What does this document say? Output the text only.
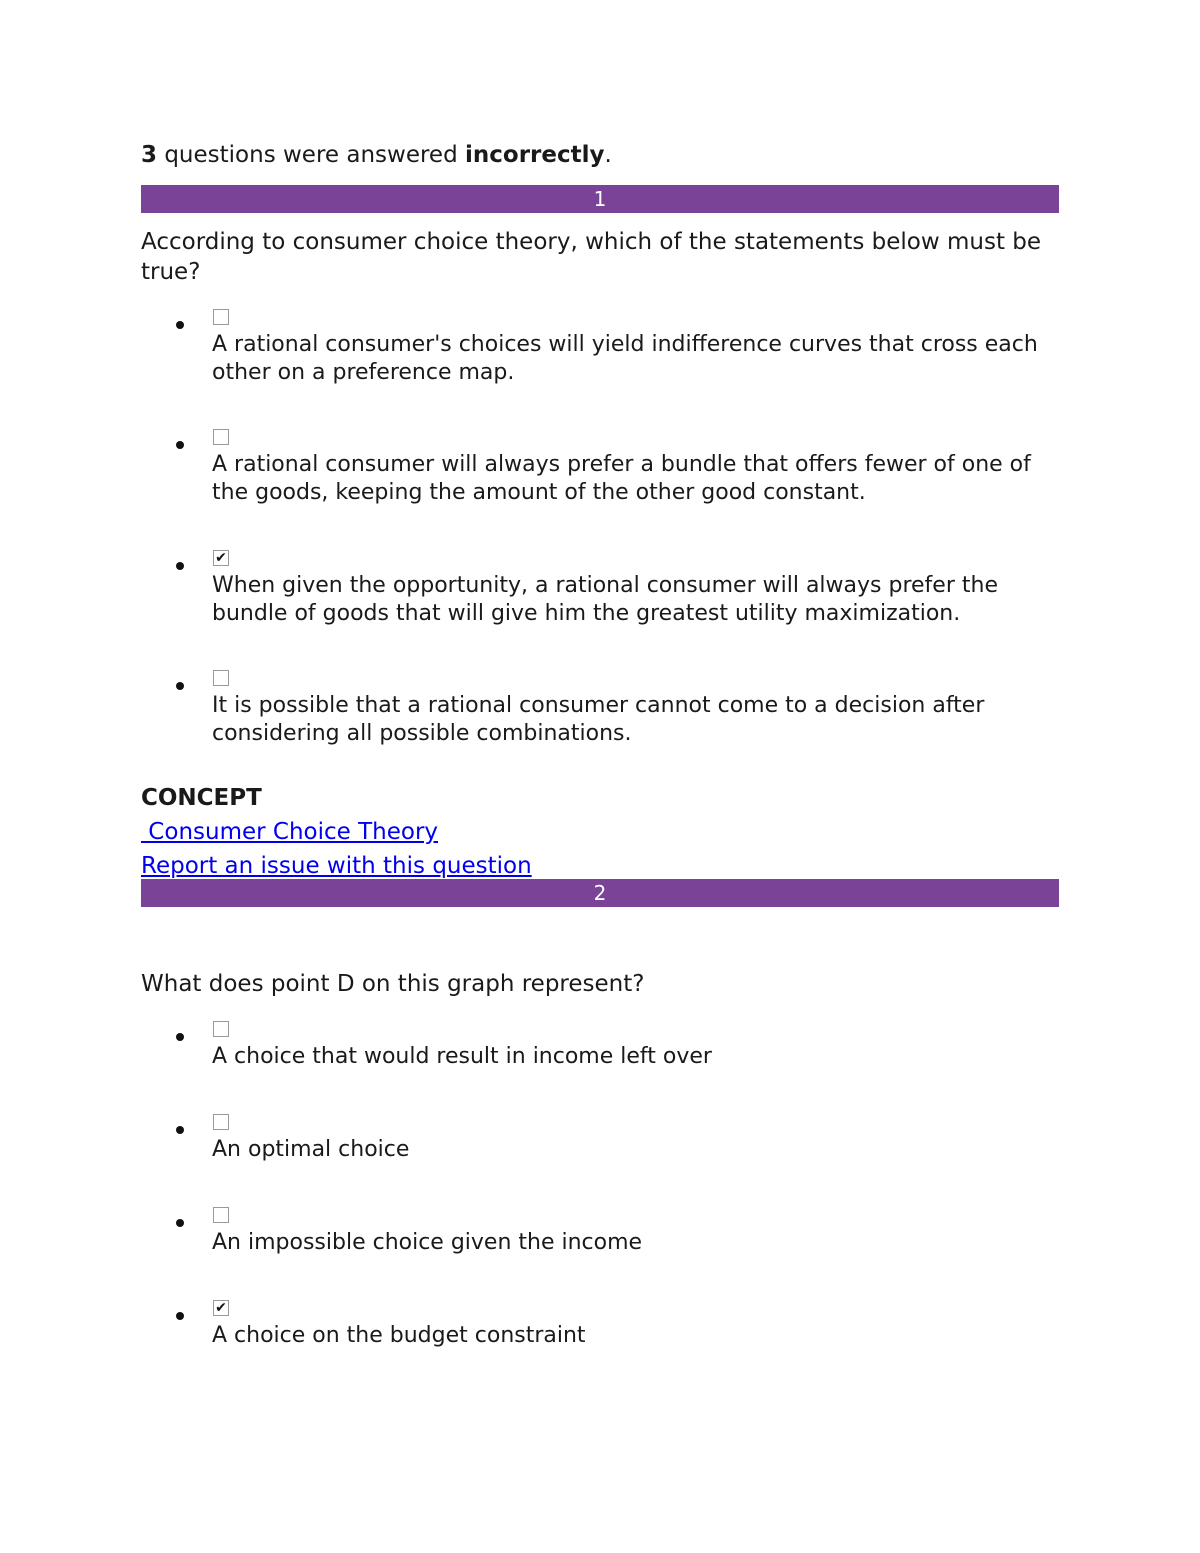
3 questions were answered incorrectly.
1
According to consumer choice theory, which of the statements below must be true?
A rational consumer's choices will yield indifference curves that cross each other on a preference map.
A rational consumer will always prefer a bundle that offers fewer of one of the goods, keeping the amount of the other good constant.
✔
When given the opportunity, a rational consumer will always prefer the bundle of goods that will give him the greatest utility maximization.
It is possible that a rational consumer cannot come to a decision after considering all possible combinations.
CONCEPT
Consumer Choice Theory
Report an issue with this question
2
What does point D on this graph represent?
A choice that would result in income left over
An optimal choice
An impossible choice given the income
✔
A choice on the budget constraint
